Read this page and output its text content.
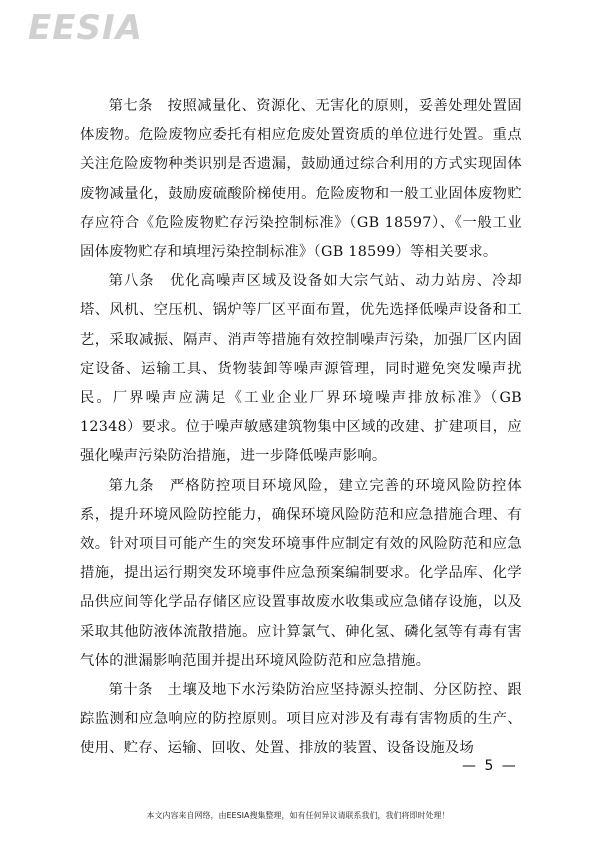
EESIA

第七条　按照减量化、资源化、无害化的原则，妥善处理处置固体废物。危险废物应委托有相应危废处置资质的单位进行处置。重点关注危险废物种类识别是否遗漏，鼓励通过综合利用的方式实现固体废物减量化，鼓励废硫酸阶梯使用。危险废物和一般工业固体废物贮存应符合《危险废物贮存污染控制标准》（GB 18597）、《一般工业固体废物贮存和填埋污染控制标准》（GB 18599）等相关要求。

第八条　优化高噪声区域及设备如大宗气站、动力站房、冷却塔、风机、空压机、锅炉等厂区平面布置，优先选择低噪声设备和工艺，采取减振、隔声、消声等措施有效控制噪声污染，加强厂区内固定设备、运输工具、货物装卸等噪声源管理，同时避免突发噪声扰民。厂界噪声应满足《工业企业厂界环境噪声排放标准》（GB 12348）要求。位于噪声敏感建筑物集中区域的改建、扩建项目，应强化噪声污染防治措施，进一步降低噪声影响。

第九条　严格防控项目环境风险，建立完善的环境风险防控体系，提升环境风险防控能力，确保环境风险防范和应急措施合理、有效。针对项目可能产生的突发环境事件应制定有效的风险防范和应急措施，提出运行期突发环境事件应急预案编制要求。化学品库、化学品供应间等化学品存储区应设置事故废水收集或应急储存设施，以及采取其他防液体流散措施。应计算氯气、砷化氢、磷化氢等有毒有害气体的泄漏影响范围并提出环境风险防范和应急措施。

第十条　土壤及地下水污染防治应坚持源头控制、分区防控、跟踪监测和应急响应的防控原则。项目应对涉及有毒有害物质的生产、使用、贮存、运输、回收、处置、排放的装置、设备设施及场

— 5 —
本文内容来自网络，由EESIA搜集整理，如有任何异议请联系我们，我们将即时处理！
